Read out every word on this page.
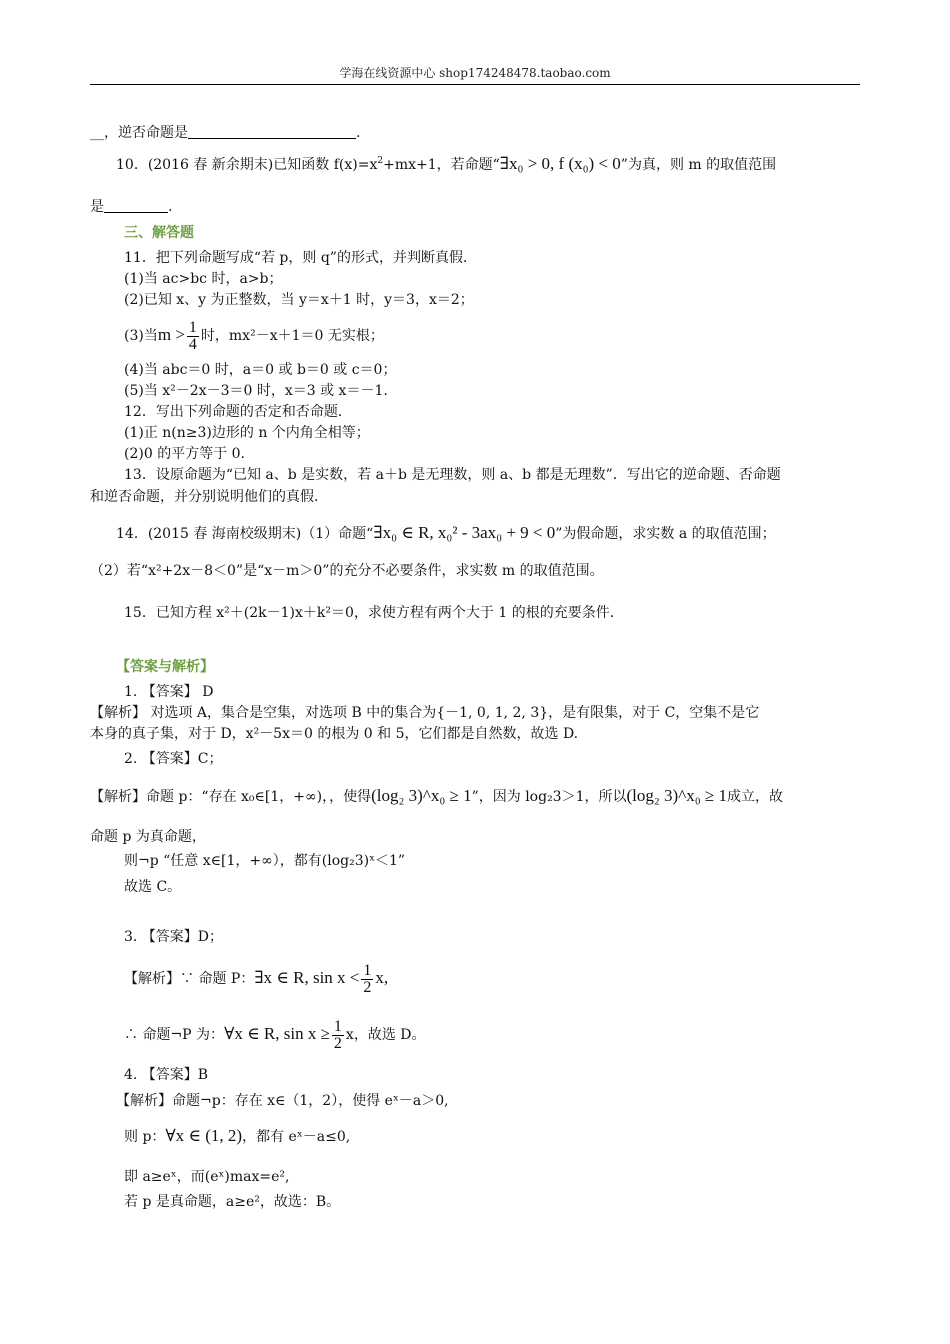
学海在线资源中心 shop174248478.taobao.com
__，逆否命题是	.
10．(2016 春 新余期末)已知函数 $f(x)=x^2+mx+1$，若命题“∃x₀ > 0, f (x₀) < 0”为真，则 m 的取值范围
是	.
三、解答题
11．把下列命题写成“若 p，则 q”的形式，并判断真假．
(1)当 ac>bc 时，a>b；
(2)已知 x、y 为正整数，当 y＝x＋1 时，y＝3，x＝2；
(3)当$m > \frac{1}{4}$ 时，mx²－x＋1＝0 无实根；
(4)当 abc＝0 时，a＝0 或 b＝0 或 c＝0；
(5)当 x²－2x－3＝0 时，x＝3 或 x＝－1.
12．写出下列命题的否定和否命题．
(1)正 n(n≥3)边形的 n 个内角全相等；
(2)0 的平方等于 0.
13．设原命题为“已知 a、b 是实数，若 a＋b 是无理数，则 a、b 都是无理数”．写出它的逆命题、否命题
和逆否命题，并分别说明他们的真假．
14．(2015 春 海南校级期末)（1）命题“∃x₀ ∈ R, x₀² - 3ax₀ + 9 < 0”为假命题，求实数 a 的取值范围；
（2）若“x²+2x－8＜0”是“x－m＞0”的充分不必要条件，求实数 m 的取值范围。
15．已知方程 x²＋(2k－1)x＋k²＝0，求使方程有两个大于 1 的根的充要条件．
【答案与解析】
1. 【答案】 D
【解析】 对选项 A，集合是空集，对选项 B 中的集合为{－1, 0, 1, 2, 3}，是有限集，对于 C，空集不是它
本身的真子集，对于 D，x²－5x＝0 的根为 0 和 5，它们都是自然数，故选 D.
2. 【答案】C；
【解析】命题 p：“存在 x₀∈[1，+∞)，，使得(log₂ 3)^x₀ ≥ 1”，因为 log₂3＞1，所以(log₂ 3)^x₀ ≥ 1成立，故
命题 p 为真命题，
则¬p “任意 x∈[1，+∞），都有(log₂3)ˣ＜1”
故选 C。
3. 【答案】D；
【解析】∵ 命题 P：∃x ∈ R, $\sin x < \frac{1}{2} x$,
∴ 命题¬P 为：∀x ∈ R, $\sin x \ge \frac{1}{2}$ x，故选 D。
4. 【答案】B
【解析】命题¬p：存在 x∈（1，2），使得 eˣ－a＞0,
则 p：∀x ∈ (1, 2)，都有 eˣ－a≤0,
即 a≥eˣ，而(eˣ)max=e²,
若 p 是真命题，a≥e²，故选：B。
